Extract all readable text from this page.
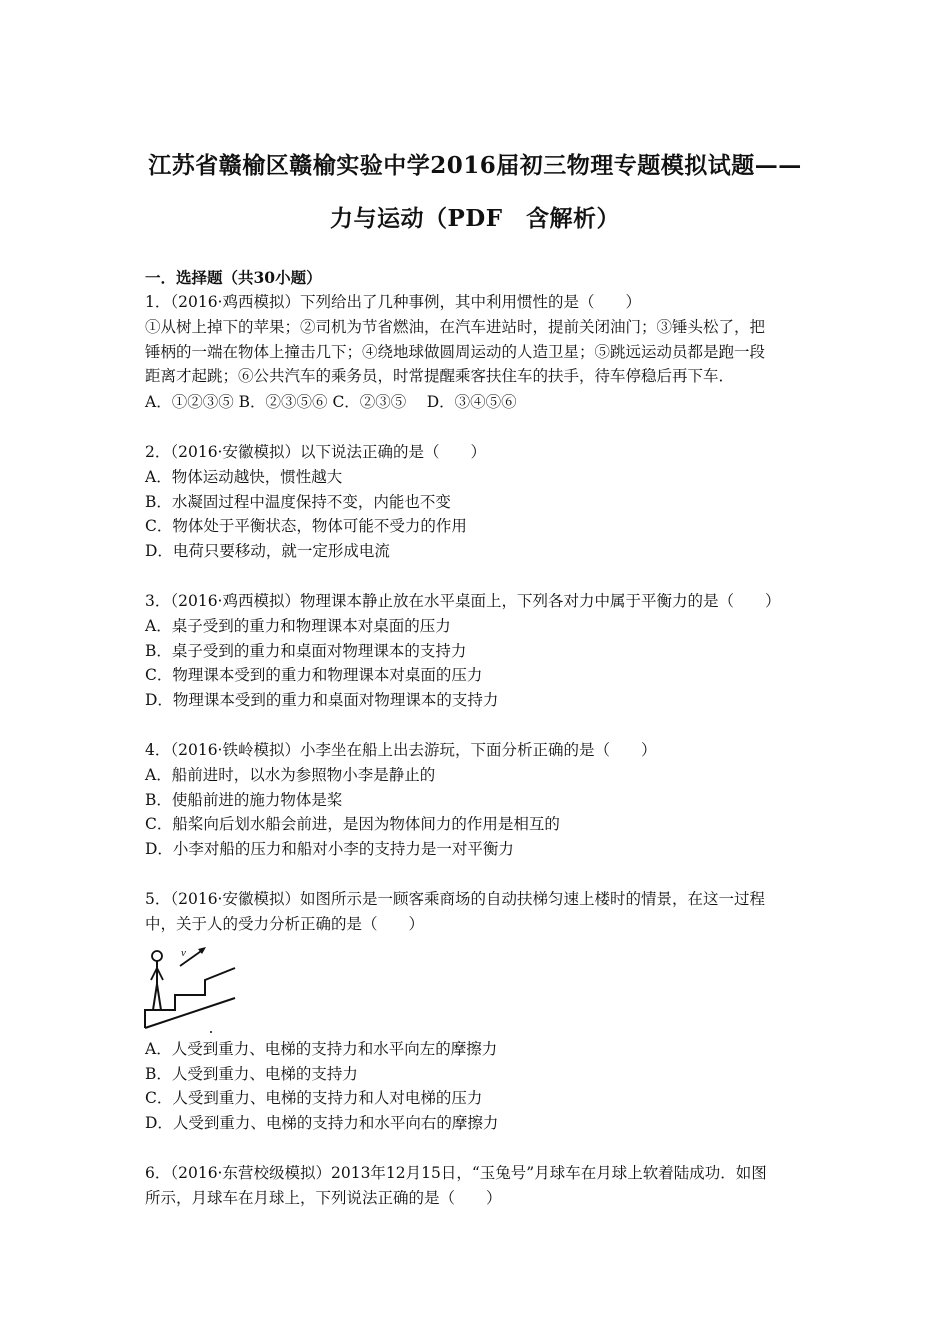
江苏省赣榆区赣榆实验中学2016届初三物理专题模拟试题——
力与运动（PDF　含解析）
一．选择题（共30小题）
1．（2016·鸡西模拟）下列给出了几种事例，其中利用惯性的是（　　）
①从树上掉下的苹果；②司机为节省燃油，在汽车进站时，提前关闭油门；③锤头松了，把
锤柄的一端在物体上撞击几下；④绕地球做圆周运动的人造卫星；⑤跳远运动员都是跑一段
距离才起跳；⑥公共汽车的乘务员，时常提醒乘客扶住车的扶手，待车停稳后再下车．
A．①②③⑤ B．②③⑤⑥ C．②③⑤　 D．③④⑤⑥
2．（2016·安徽模拟）以下说法正确的是（　　）
A．物体运动越快，惯性越大
B．水凝固过程中温度保持不变，内能也不变
C．物体处于平衡状态，物体可能不受力的作用
D．电荷只要移动，就一定形成电流
3．（2016·鸡西模拟）物理课本静止放在水平桌面上，下列各对力中属于平衡力的是（　　）
A．桌子受到的重力和物理课本对桌面的压力
B．桌子受到的重力和桌面对物理课本的支持力
C．物理课本受到的重力和物理课本对桌面的压力
D．物理课本受到的重力和桌面对物理课本的支持力
4．（2016·铁岭模拟）小李坐在船上出去游玩，下面分析正确的是（　　）
A．船前进时，以水为参照物小李是静止的
B．使船前进的施力物体是桨
C．船桨向后划水船会前进，是因为物体间力的作用是相互的
D．小李对船的压力和船对小李的支持力是一对平衡力
5．（2016·安徽模拟）如图所示是一顾客乘商场的自动扶梯匀速上楼时的情景，在这一过程
中，关于人的受力分析正确的是（　　）
v
A．人受到重力、电梯的支持力和水平向左的摩擦力
B．人受到重力、电梯的支持力
C．人受到重力、电梯的支持力和人对电梯的压力
D．人受到重力、电梯的支持力和水平向右的摩擦力
6．（2016·东营校级模拟）2013年12月15日，“玉兔号”月球车在月球上软着陆成功．如图
所示，月球车在月球上，下列说法正确的是（　　）
